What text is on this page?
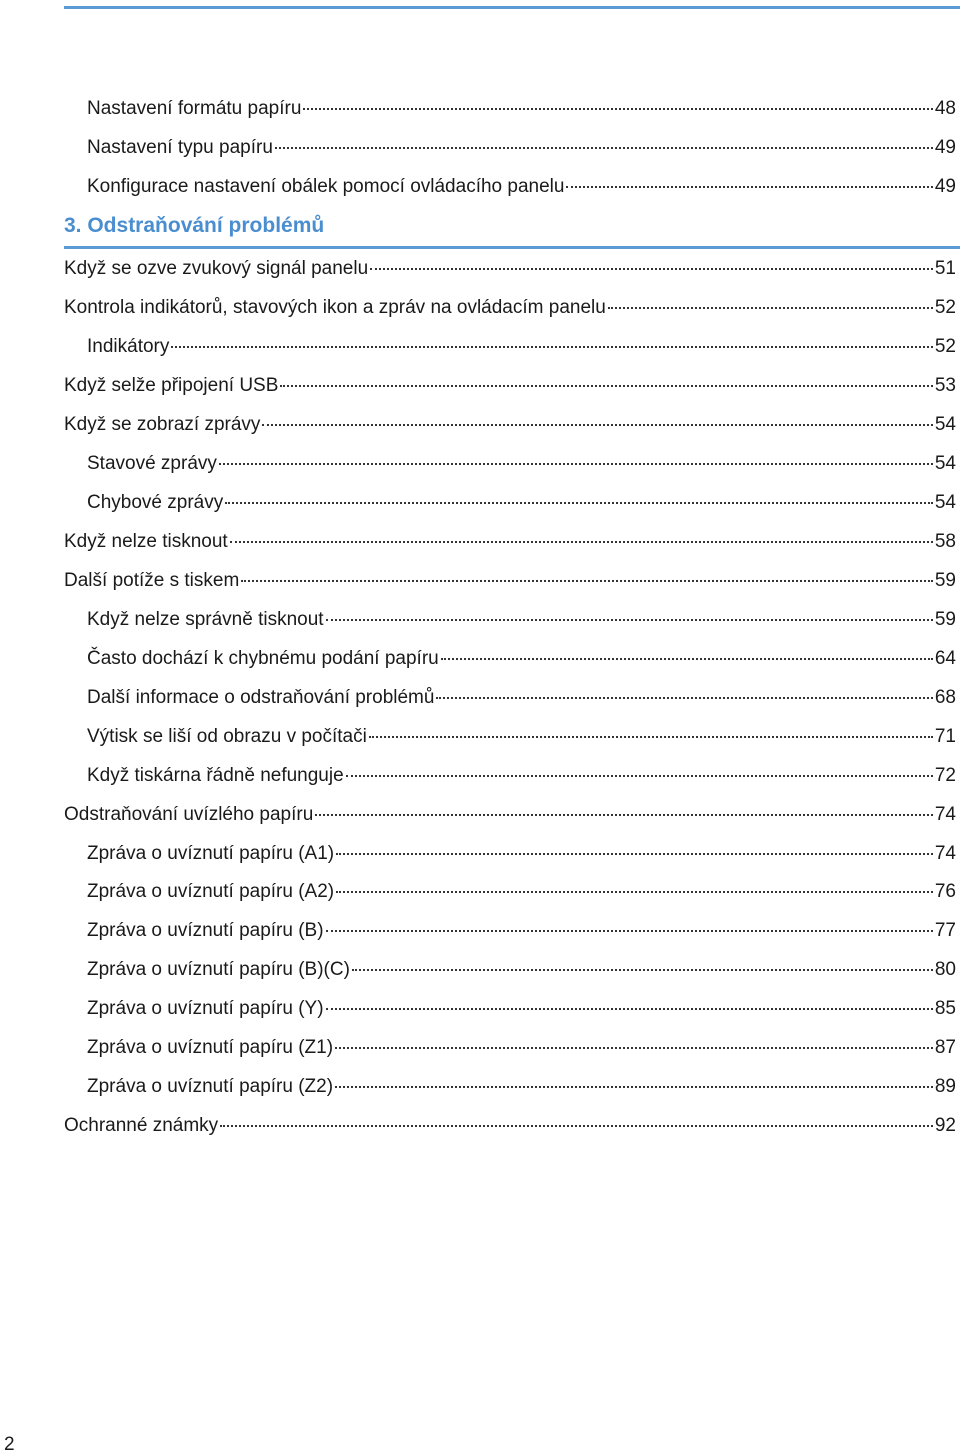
Nastavení formátu papíru	48
Nastavení typu papíru	49
Konfigurace nastavení obálek pomocí ovládacího panelu	49
3. Odstraňování problémů
Když se ozve zvukový signál panelu	51
Kontrola indikátorů, stavových ikon a zpráv na ovládacím panelu	52
Indikátory	52
Když selže připojení USB	53
Když se zobrazí zprávy	54
Stavové zprávy	54
Chybové zprávy	54
Když nelze tisknout	58
Další potíže s tiskem	59
Když nelze správně tisknout	59
Často dochází k chybnému podání papíru	64
Další informace o odstraňování problémů	68
Výtisk se liší od obrazu v počítači	71
Když tiskárna řádně nefunguje	72
Odstraňování uvízlého papíru	74
Zpráva o uvíznutí papíru (A1)	74
Zpráva o uvíznutí papíru (A2)	76
Zpráva o uvíznutí papíru (B)	77
Zpráva o uvíznutí papíru (B)(C)	80
Zpráva o uvíznutí papíru (Y)	85
Zpráva o uvíznutí papíru (Z1)	87
Zpráva o uvíznutí papíru (Z2)	89
Ochranné známky	92
2
